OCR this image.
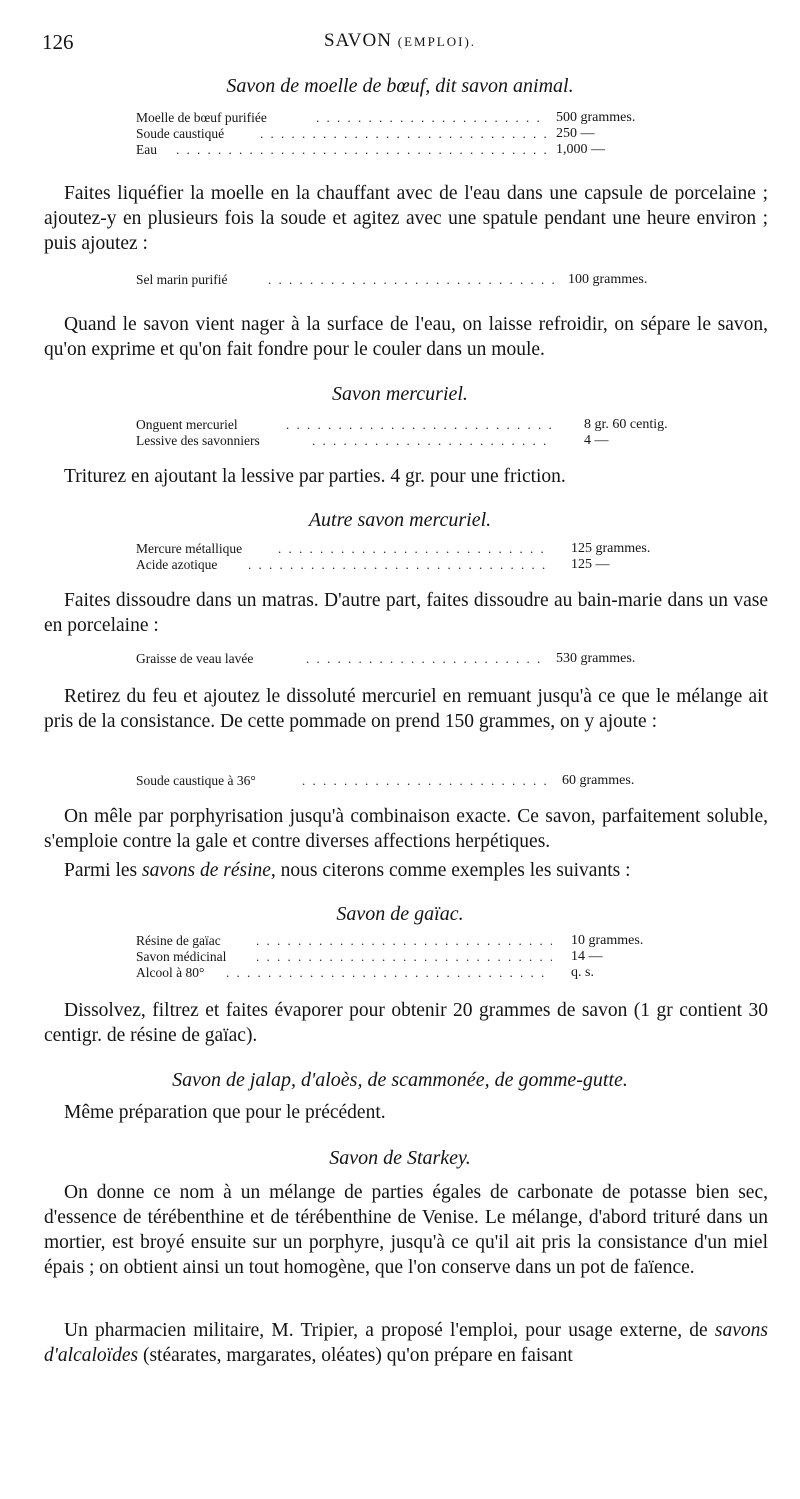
126	SAVON (EMPLOI).
Savon de moelle de bœuf, dit savon animal.
Moelle de bœuf purifiée . . .	500 grammes.
Soude caustiqué . . .	250 —
Eau . . .	1,000 —

Faites liquéfier la moelle en la chauffant avec de l'eau dans une capsule de porcelaine ; ajoutez-y en plusieurs fois la soude et agitez avec une spatule pendant une heure environ ; puis ajoutez :

Sel marin purifié . . .	100 grammes.

Quand le savon vient nager à la surface de l'eau, on laisse refroidir, on sépare le savon, qu'on exprime et qu'on fait fondre pour le couler dans un moule.

Savon mercuriel.
Onguent mercuriel . . .	8 gr. 60 centig.
Lessive des savonniers . . .	4 —

Triturez en ajoutant la lessive par parties. 4 gr. pour une friction.

Autre savon mercuriel.
Mercure métallique . . .	125 grammes.
Acide azotique . . .	125 —

Faites dissoudre dans un matras. D'autre part, faites dissoudre au bain-marie dans un vase en porcelaine :

Graisse de veau lavée . . .	530 grammes.

Retirez du feu et ajoutez le dissoluté mercuriel en remuant jusqu'à ce que le mélange ait pris de la consistance. De cette pommade on prend 150 grammes, on y ajoute :

Soude caustique à 36° . . .	60 grammes.

On mêle par porphyrisation jusqu'à combinaison exacte. Ce savon, parfaitement soluble, s'emploie contre la gale et contre diverses affections herpétiques.

Parmi les savons de résine, nous citerons comme exemples les suivants :

Savon de gaïac.
Résine de gaïac . . .	10 grammes.
Savon médicinal . . .	14 —
Alcool à 80° . . .	q. s.

Dissolvez, filtrez et faites évaporer pour obtenir 20 grammes de savon (1 gr contient 30 centigr. de résine de gaïac).

Savon de jalap, d'aloès, de scammonée, de gomme-gutte.

Même préparation que pour le précédent.

Savon de Starkey.

On donne ce nom à un mélange de parties égales de carbonate de potasse bien sec, d'essence de térébenthine et de térébenthine de Venise. Le mélange, d'abord trituré dans un mortier, est broyé ensuite sur un porphyre, jusqu'à ce qu'il ait pris la consistance d'un miel épais ; on obtient ainsi un tout homogène, que l'on conserve dans un pot de faïence.

Un pharmacien militaire, M. Tripier, a proposé l'emploi, pour usage externe, de savons d'alcaloïdes (stéarates, margarates, oléates) qu'on prépare en faisant
